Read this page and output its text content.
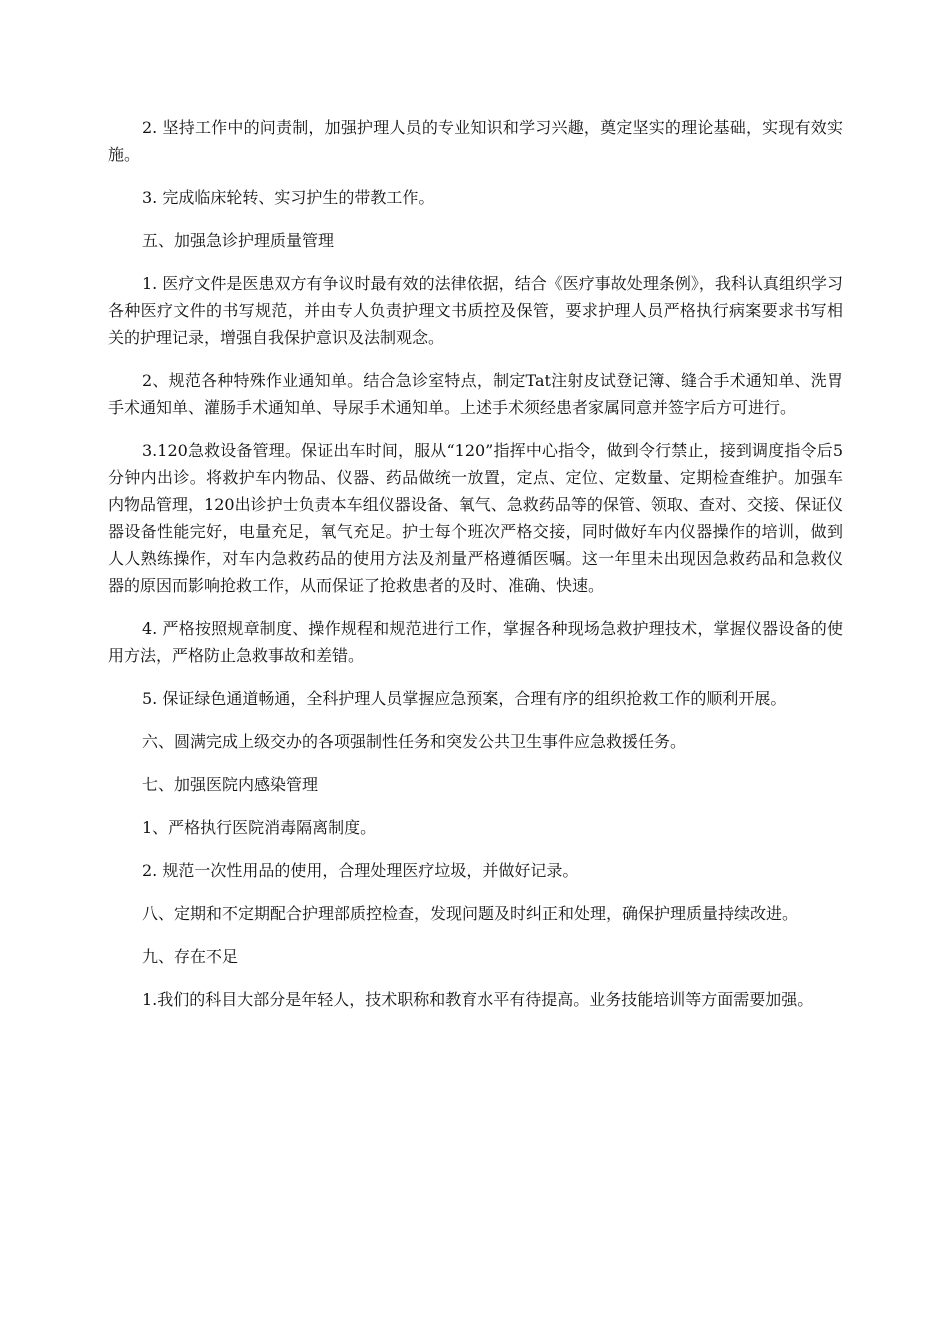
2. 坚持工作中的问责制，加强护理人员的专业知识和学习兴趣，奠定坚实的理论基础，实现有效实施。

3. 完成临床轮转、实习护生的带教工作。

五、加强急诊护理质量管理

1. 医疗文件是医患双方有争议时最有效的法律依据，结合《医疗事故处理条例》，我科认真组织学习各种医疗文件的书写规范，并由专人负责护理文书质控及保管，要求护理人员严格执行病案要求书写相关的护理记录，增强自我保护意识及法制观念。

2、规范各种特殊作业通知单。结合急诊室特点，制定Tat注射皮试登记簿、缝合手术通知单、洗胃手术通知单、灌肠手术通知单、导尿手术通知单。上述手术须经患者家属同意并签字后方可进行。

3.120急救设备管理。保证出车时间，服从“120”指挥中心指令，做到令行禁止，接到调度指令后5分钟内出诊。将救护车内物品、仪器、药品做统一放置，定点、定位、定数量、定期检查维护。加强车内物品管理，120出诊护士负责本车组仪器设备、氧气、急救药品等的保管、领取、查对、交接、保证仪器设备性能完好，电量充足，氧气充足。护士每个班次严格交接，同时做好车内仪器操作的培训，做到人人熟练操作，对车内急救药品的使用方法及剂量严格遵循医嘱。这一年里未出现因急救药品和急救仪器的原因而影响抢救工作，从而保证了抢救患者的及时、准确、快速。

4. 严格按照规章制度、操作规程和规范进行工作，掌握各种现场急救护理技术，掌握仪器设备的使用方法，严格防止急救事故和差错。

5. 保证绿色通道畅通，全科护理人员掌握应急预案，合理有序的组织抢救工作的顺利开展。

六、圆满完成上级交办的各项强制性任务和突发公共卫生事件应急救援任务。

七、加强医院内感染管理

1、严格执行医院消毒隔离制度。

2. 规范一次性用品的使用，合理处理医疗垃圾，并做好记录。

八、定期和不定期配合护理部质控检查，发现问题及时纠正和处理，确保护理质量持续改进。

九、存在不足

1.我们的科目大部分是年轻人，技术职称和教育水平有待提高。业务技能培训等方面需要加强。
